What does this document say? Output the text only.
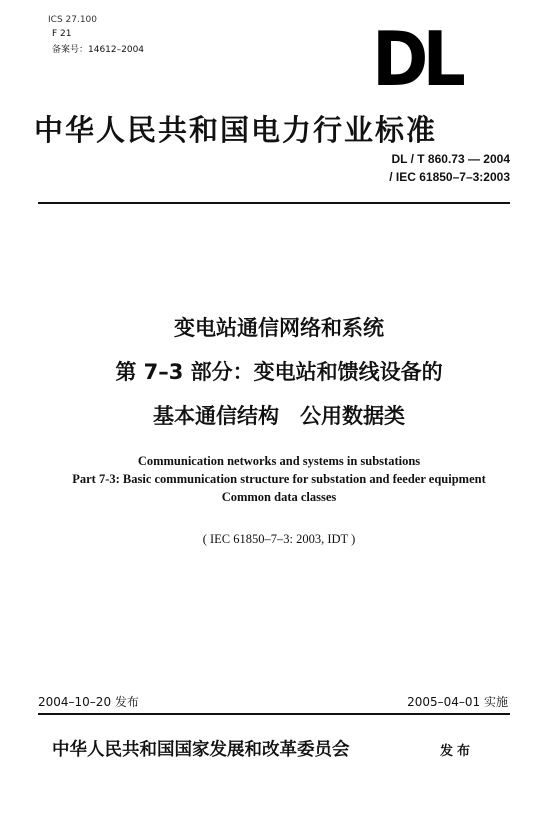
ICS 27.100
F 21
备案号：14612–2004	DL
中华人民共和国电力行业标准
DL / T 860.73 — 2004
/ IEC 61850–7–3:2003
变电站通信网络和系统
第 7–3 部分：变电站和馈线设备的
基本通信结构　公用数据类
Communication networks and systems in substations
Part 7-3: Basic communication structure for substation and feeder equipment
Common data classes
( IEC 61850–7–3: 2003, IDT )
2004–10–20 发布	2005–04–01 实施
中华人民共和国国家发展和改革委员会	发布
